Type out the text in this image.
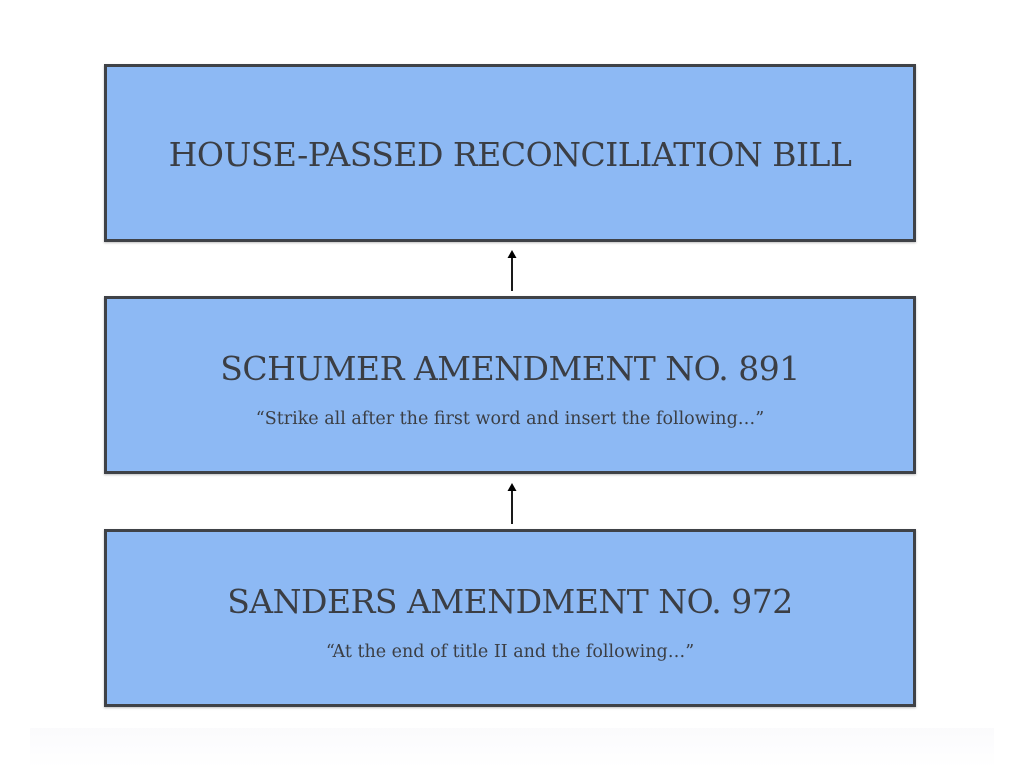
HOUSE-PASSED RECONCILIATION BILL
SCHUMER AMENDMENT NO. 891
“Strike all after the first word and insert the following…”
SANDERS AMENDMENT NO. 972
“At the end of title II and the following…”
